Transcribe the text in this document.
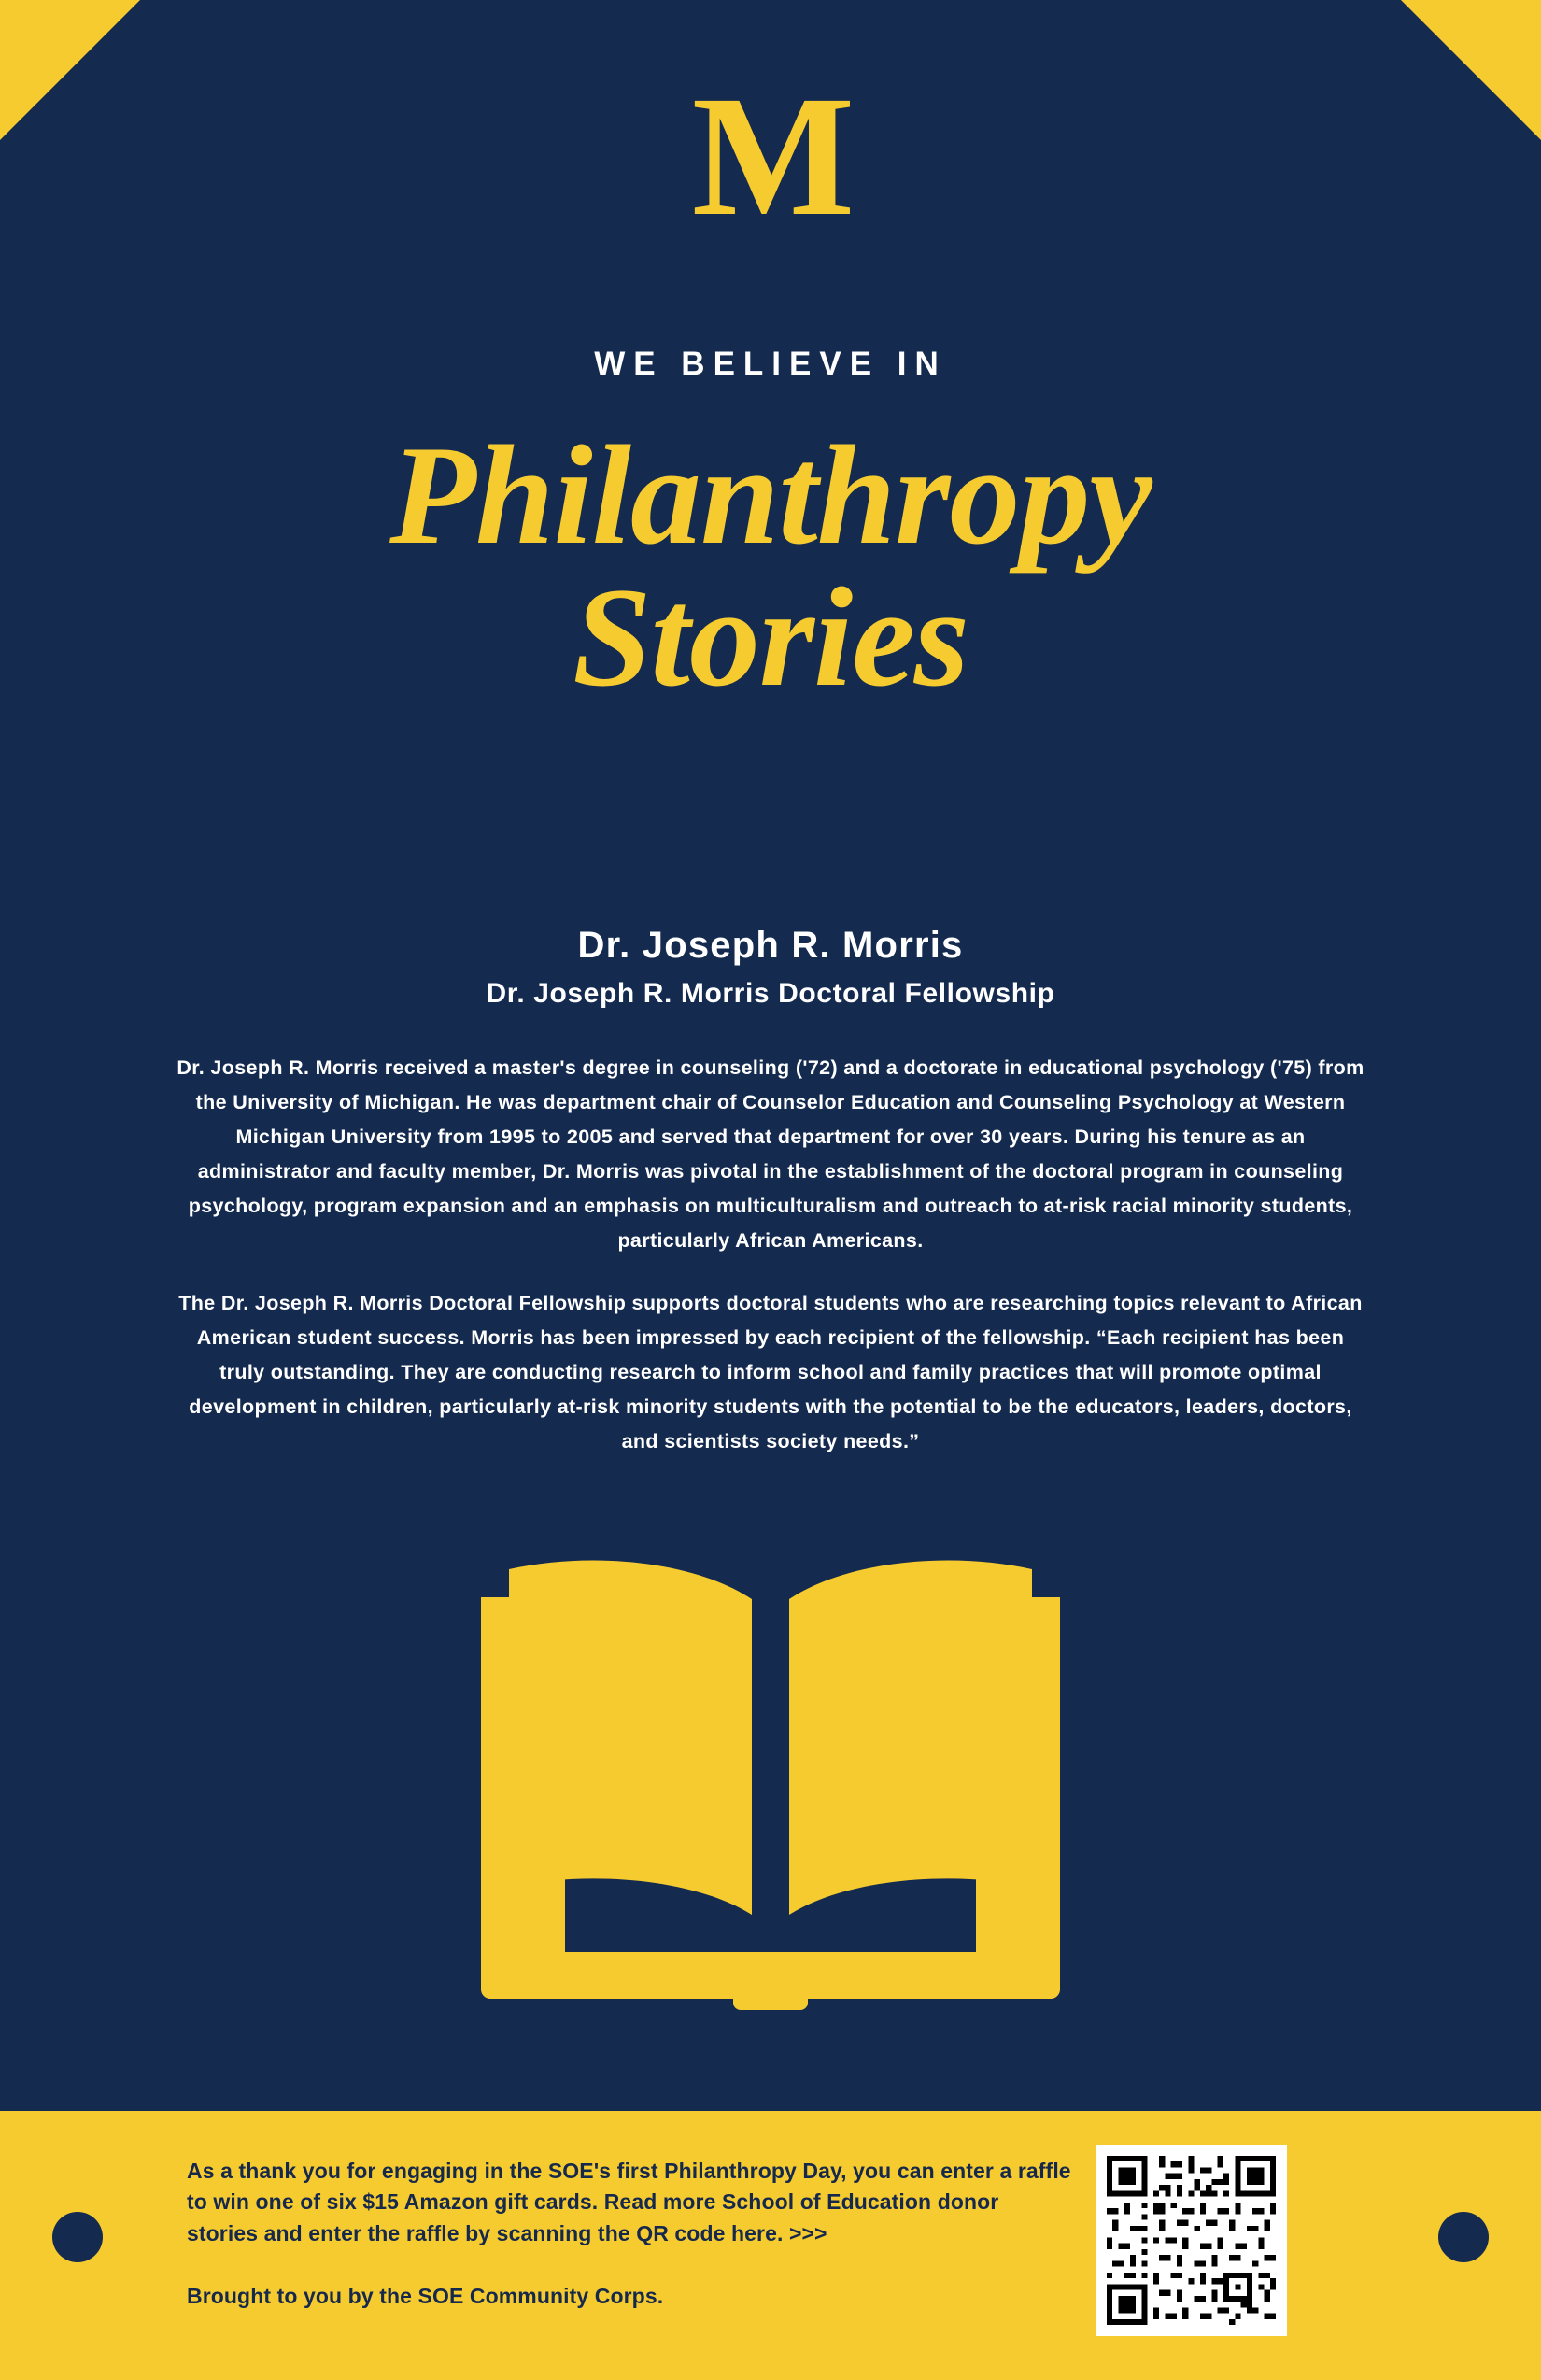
M
WE BELIEVE IN
Philanthropy
Stories
Dr. Joseph R. Morris
Dr. Joseph R. Morris Doctoral Fellowship

Dr. Joseph R. Morris received a master's degree in counseling ('72) and a doctorate in educational psychology ('75) from the University of Michigan. He was department chair of Counselor Education and Counseling Psychology at Western Michigan University from 1995 to 2005 and served that department for over 30 years. During his tenure as an administrator and faculty member, Dr. Morris was pivotal in the establishment of the doctoral program in counseling psychology, program expansion and an emphasis on multiculturalism and outreach to at-risk racial minority students, particularly African Americans.

The Dr. Joseph R. Morris Doctoral Fellowship supports doctoral students who are researching topics relevant to African American student success. Morris has been impressed by each recipient of the fellowship. “Each recipient has been truly outstanding. They are conducting research to inform school and family practices that will promote optimal development in children, particularly at-risk minority students with the potential to be the educators, leaders, doctors, and scientists society needs.”

As a thank you for engaging in the SOE's first Philanthropy Day, you can enter a raffle to win one of six $15 Amazon gift cards. Read more School of Education donor stories and enter the raffle by scanning the QR code here. >>>

Brought to you by the SOE Community Corps.
